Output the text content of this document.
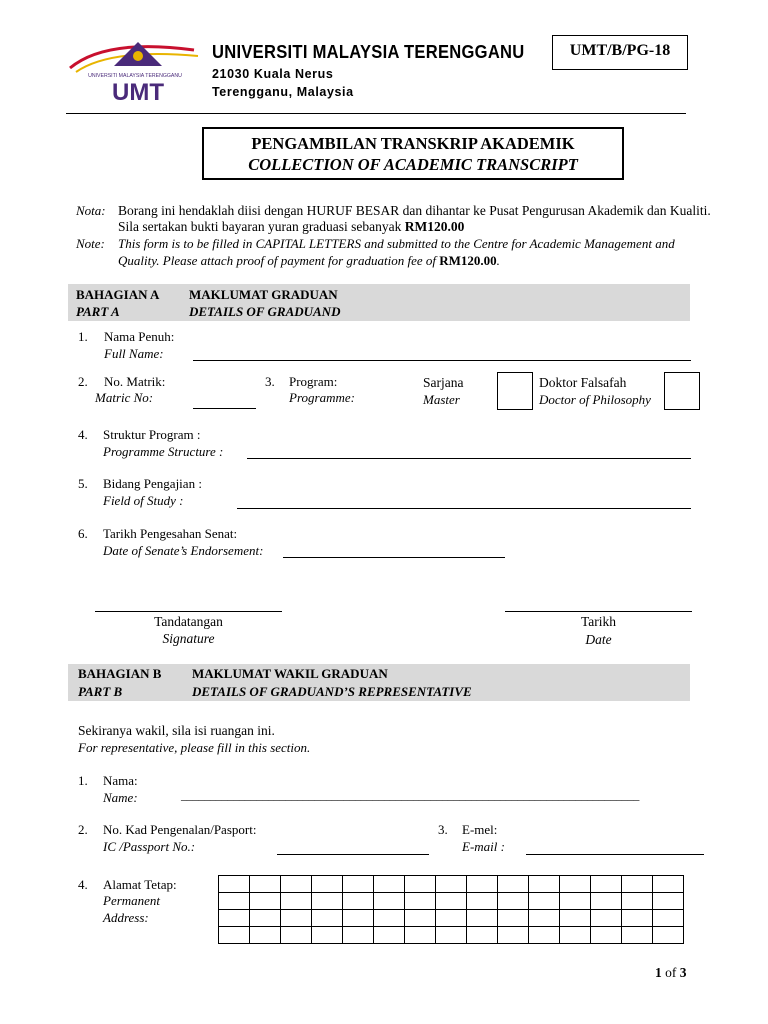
UNIVERSITI MALAYSIA TERENGGANU
UMT
UNIVERSITI MALAYSIA TERENGGANU
21030 Kuala Nerus
Terengganu, Malaysia
UMT/B/PG-18
PENGAMBILAN TRANSKRIP AKADEMIK
COLLECTION OF ACADEMIC TRANSCRIPT
Nota: Borang ini hendaklah diisi dengan HURUF BESAR dan dihantar ke Pusat Pengurusan Akademik dan Kualiti.
Sila sertakan bukti bayaran yuran graduasi sebanyak RM120.00
Note: This form is to be filled in CAPITAL LETTERS and submitted to the Centre for Academic Management and
Quality. Please attach proof of payment for graduation fee of RM120.00.
BAHAGIAN A
PART A
MAKLUMAT GRADUAN
DETAILS OF GRADUAND
1. Nama Penuh:
Full Name:
2. No. Matrik:
Matric No:
3. Program:
Programme:
Sarjana
Master
Doktor Falsafah
Doctor of Philosophy
4. Struktur Program :
Programme Structure :
5. Bidang Pengajian :
Field of Study :
6. Tarikh Pengesahan Senat:
Date of Senate’s Endorsement:
Tandatangan
Signature
Tarikh
Date
BAHAGIAN B
PART B
MAKLUMAT WAKIL GRADUAN
DETAILS OF GRADUAND’S REPRESENTATIVE
Sekiranya wakil, sila isi ruangan ini.
For representative, please fill in this section.
1. Nama:
Name:	_______________________________________________________________________________
2. No. Kad Pengenalan/Pasport:
IC /Passport No.:
3. E-mel:
E-mail :
4. Alamat Tetap:
Permanent
Address:

1 of 3
